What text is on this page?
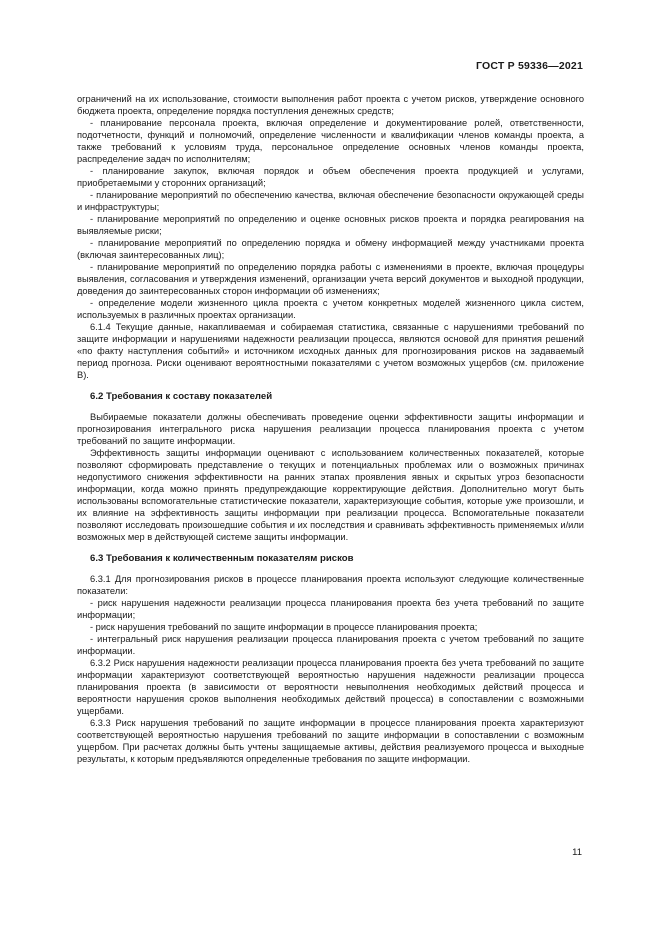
ГОСТ Р 59336—2021

ограничений на их использование, стоимости выполнения работ проекта с учетом рисков, утверждение основного бюджета проекта, определение порядка поступления денежных средств;

- планирование персонала проекта, включая определение и документирование ролей, ответственности, подотчетности, функций и полномочий, определение численности и квалификации членов команды проекта, а также требований к условиям труда, персональное определение основных членов команды проекта, распределение задач по исполнителям;

- планирование закупок, включая порядок и объем обеспечения проекта продукцией и услугами, приобретаемыми у сторонних организаций;

- планирование мероприятий по обеспечению качества, включая обеспечение безопасности окружающей среды и инфраструктуры;

- планирование мероприятий по определению и оценке основных рисков проекта и порядка реагирования на выявляемые риски;

- планирование мероприятий по определению порядка и обмену информацией между участниками проекта (включая заинтересованных лиц);

- планирование мероприятий по определению порядка работы с изменениями в проекте, включая процедуры выявления, согласования и утверждения изменений, организации учета версий документов и выходной продукции, доведения до заинтересованных сторон информации об изменениях;

- определение модели жизненного цикла проекта с учетом конкретных моделей жизненного цикла систем, используемых в различных проектах организации.

6.1.4 Текущие данные, накапливаемая и собираемая статистика, связанные с нарушениями требований по защите информации и нарушениями надежности реализации процесса, являются основой для принятия решений «по факту наступления событий» и источником исходных данных для прогнозирования рисков на задаваемый период прогноза. Риски оценивают вероятностными показателями с учетом возможных ущербов (см. приложение В).

6.2 Требования к составу показателей

Выбираемые показатели должны обеспечивать проведение оценки эффективности защиты информации и прогнозирования интегрального риска нарушения реализации процесса планирования проекта с учетом требований по защите информации.

Эффективность защиты информации оценивают с использованием количественных показателей, которые позволяют сформировать представление о текущих и потенциальных проблемах или о возможных причинах недопустимого снижения эффективности на ранних этапах проявления явных и скрытых угроз безопасности информации, когда можно принять предупреждающие корректирующие действия. Дополнительно могут быть использованы вспомогательные статистические показатели, характеризующие события, которые уже произошли, и их влияние на эффективность защиты информации при реализации процесса. Вспомогательные показатели позволяют исследовать произошедшие события и их последствия и сравнивать эффективность применяемых и/или возможных мер в действующей системе защиты информации.

6.3 Требования к количественным показателям рисков

6.3.1 Для прогнозирования рисков в процессе планирования проекта используют следующие количественные показатели:

- риск нарушения надежности реализации процесса планирования проекта без учета требований по защите информации;

- риск нарушения требований по защите информации в процессе планирования проекта;

- интегральный риск нарушения реализации процесса планирования проекта с учетом требований по защите информации.

6.3.2 Риск нарушения надежности реализации процесса планирования проекта без учета требований по защите информации характеризуют соответствующей вероятностью нарушения надежности реализации процесса планирования проекта (в зависимости от вероятности невыполнения необходимых действий процесса и вероятности нарушения сроков выполнения необходимых действий процесса) в сопоставлении с возможными ущербами.

6.3.3 Риск нарушения требований по защите информации в процессе планирования проекта характеризуют соответствующей вероятностью нарушения требований по защите информации в сопоставлении с возможным ущербом. При расчетах должны быть учтены защищаемые активы, действия реализуемого процесса и выходные результаты, к которым предъявляются определенные требования по защите информации.

11
